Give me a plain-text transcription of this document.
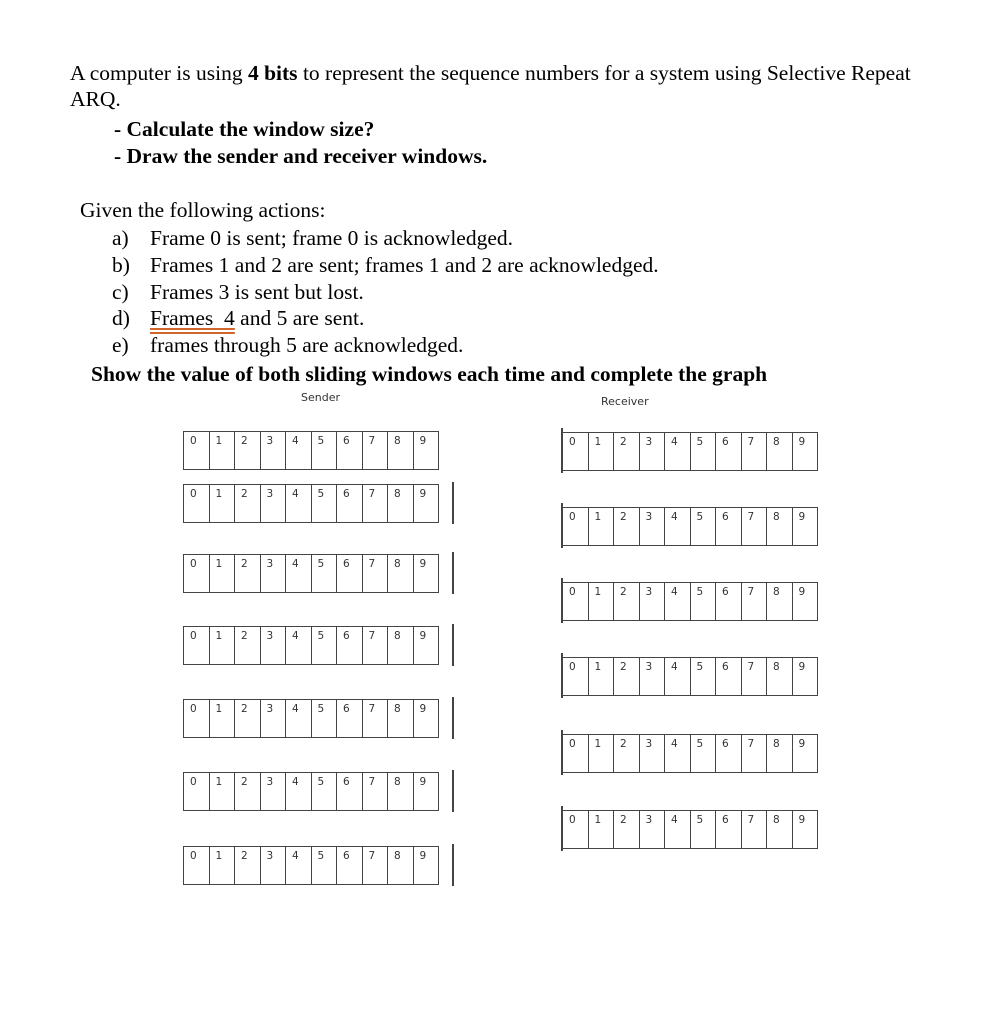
A computer is using 4 bits to represent the sequence numbers for a system using Selective Repeat ARQ.
- Calculate the window size?
- Draw the sender and receiver windows.
Given the following actions:
a) Frame 0 is sent; frame 0 is acknowledged.
b) Frames 1 and 2 are sent; frames 1 and 2 are acknowledged.
c) Frames 3 is sent but lost.
d) Frames  4 and 5 are sent.
e) frames through 5 are acknowledged.
Show the value of both sliding windows each time and complete the graph
Sender	Receiver
0	1	2	3	4	5	6	7	8	9
0	1	2	3	4	5	6	7	8	9
0	1	2	3	4	5	6	7	8	9
0	1	2	3	4	5	6	7	8	9
0	1	2	3	4	5	6	7	8	9
0	1	2	3	4	5	6	7	8	9
0	1	2	3	4	5	6	7	8	9
0	1	2	3	4	5	6	7	8	9
0	1	2	3	4	5	6	7	8	9
0	1	2	3	4	5	6	7	8	9
0	1	2	3	4	5	6	7	8	9
0	1	2	3	4	5	6	7	8	9
0	1	2	3	4	5	6	7	8	9
